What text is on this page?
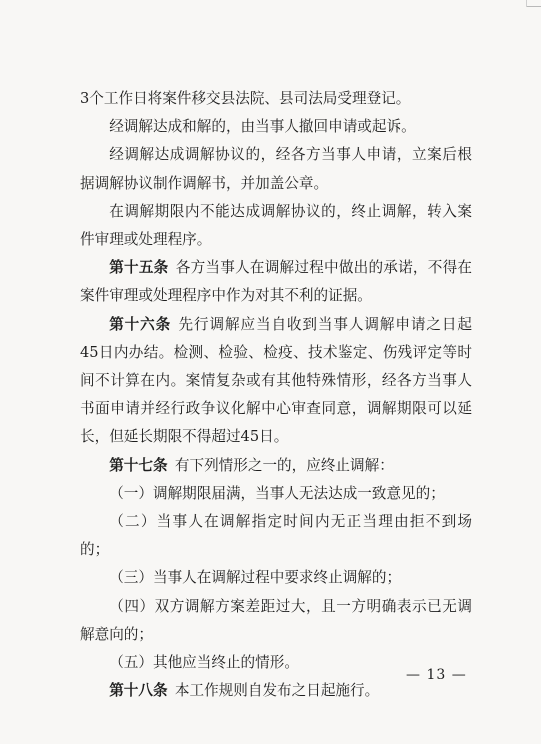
3个工作日将案件移交县法院、县司法局受理登记。

经调解达成和解的，由当事人撤回申请或起诉。

经调解达成调解协议的，经各方当事人申请，立案后根据调解协议制作调解书，并加盖公章。

在调解期限内不能达成调解协议的，终止调解，转入案件审理或处理程序。

第十五条 各方当事人在调解过程中做出的承诺，不得在案件审理或处理程序中作为对其不利的证据。

第十六条 先行调解应当自收到当事人调解申请之日起 45日内办结。检测、检验、检疫、技术鉴定、伤残评定等时间不计算在内。案情复杂或有其他特殊情形，经各方当事人书面申请并经行政争议化解中心审查同意，调解期限可以延长，但延长期限不得超过45日。

第十七条 有下列情形之一的，应终止调解：

（一）调解期限届满，当事人无法达成一致意见的；

（二）当事人在调解指定时间内无正当理由拒不到场的；

（三）当事人在调解过程中要求终止调解的；

（四）双方调解方案差距过大，且一方明确表示已无调解意向的；

（五）其他应当终止的情形。

第十八条 本工作规则自发布之日起施行。

— 13 —
